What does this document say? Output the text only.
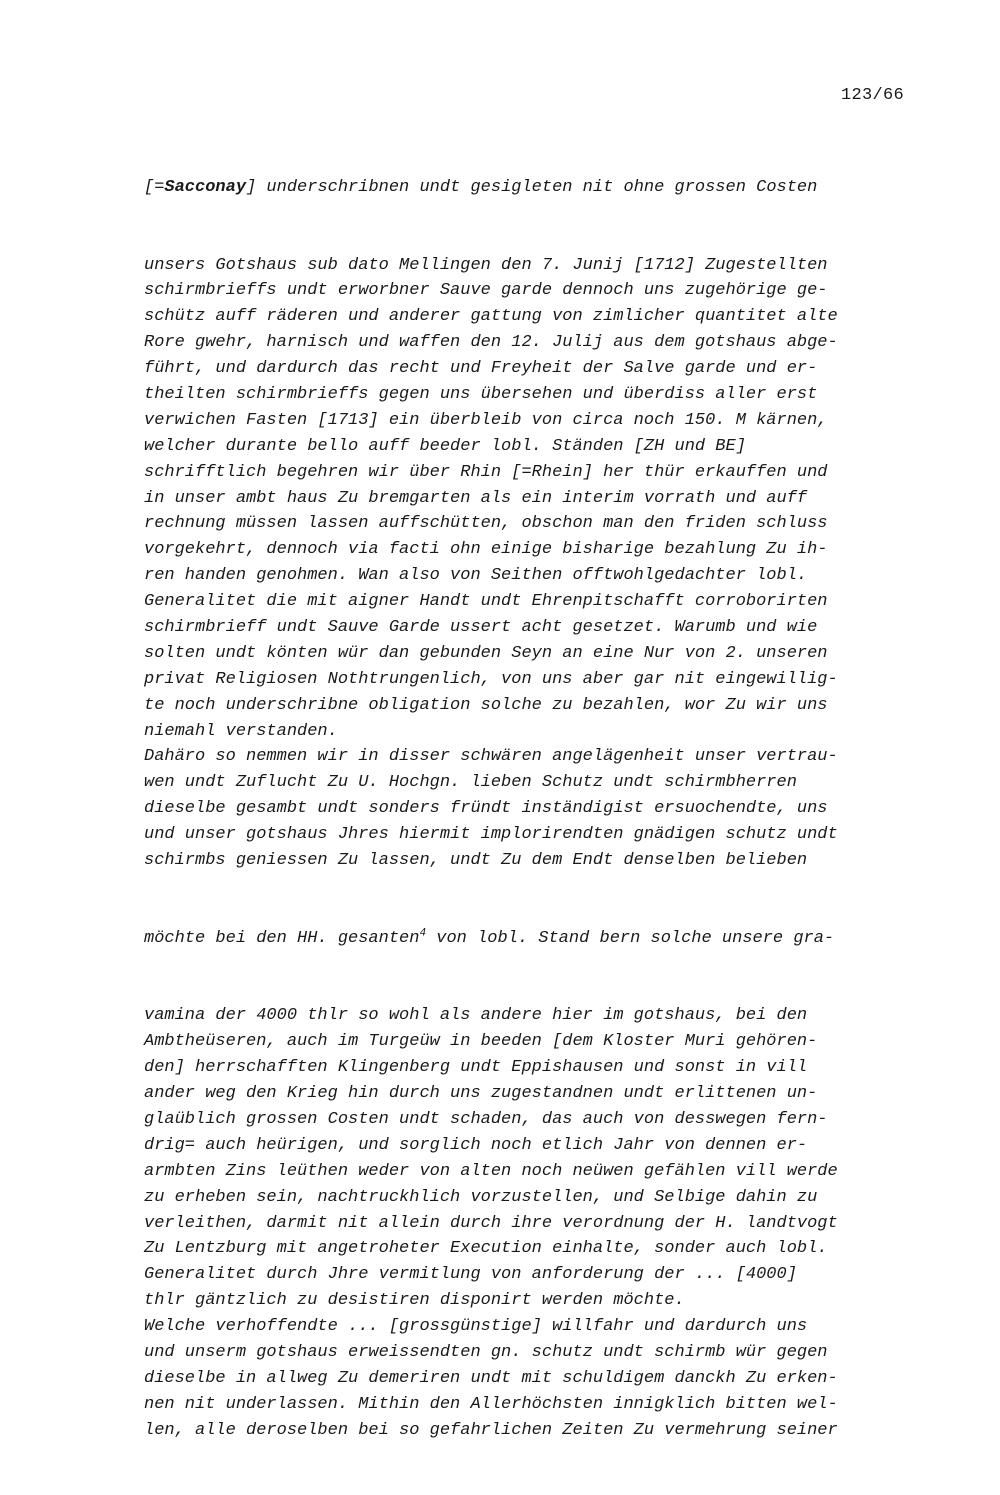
123/66

[=Sacconay] underschribnen undt gesigleten nit ohne grossen Costen

unsers Gotshaus sub dato Mellingen den 7. Junij [1712] Zugestellten
schirmbrieffs undt erworbner Sauve garde dennoch uns zugehörige ge-
schütz auff räderen und anderer gattung von zimlicher quantitet alte
Rore gwehr, harnisch und waffen den 12. Julij aus dem gotshaus abge-
führt, und dardurch das recht und Freyheit der Salve garde und er-
theilten schirmbrieffs gegen uns übersehen und überdiss aller erst
verwichen Fasten [1713] ein überbleib von circa noch 150. M kärnen,
welcher durante bello auff beeder lobl. Ständen [ZH und BE]
schrifftlich begehren wir über Rhin [=Rhein] her thür erkauffen und
in unser ambt haus Zu bremgarten als ein interim vorrath und auff
rechnung müssen lassen auffschütten, obschon man den friden schluss
vorgekehrt, dennoch via facti ohn einige bisharige bezahlung Zu ih-
ren handen genohmen. Wan also von Seithen offtwohlgedachter lobl.
Generalitet die mit aigner Handt undt Ehrenpitschafft corroborirten
schirmbrieff undt Sauve Garde ussert acht gesetzet. Warumb und wie
solten undt könten wür dan gebunden Seyn an eine Nur von 2. unseren
privat Religiosen Nothtrungenlich, von uns aber gar nit eingewillig-
te noch underschribne obligation solche zu bezahlen, wor Zu wir uns
niemahl verstanden.
Dahäro so nemmen wir in disser schwären angelägenheit unser vertrau-
wen undt Zuflucht Zu U. Hochgn. lieben Schutz undt schirmbherren
dieselbe gesambt undt sonders fründt inständigist ersuochendte, uns
und unser gotshaus Jhres hiermit implorirendten gnädigen schutz undt
schirmbs geniessen Zu lassen, undt Zu dem Endt denselben belieben

möchte bei den HH. gesanten$^4$ von lobl. Stand bern solche unsere gra-

vamina der 4000 thlr so wohl als andere hier im gotshaus, bei den
Ambtheüseren, auch im Turgeüw in beeden [dem Kloster Muri gehören-
den] herrschafften Klingenberg undt Eppishausen und sonst in vill
ander weg den Krieg hin durch uns zugestandnen undt erlittenen un-
glaüblich grossen Costen undt schaden, das auch von desswegen fern-
drig= auch heürigen, und sorglich noch etlich Jahr von dennen er-
armbten Zins leüthen weder von alten noch neüwen gefählen vill werde
zu erheben sein, nachtruckhlich vorzustellen, und Selbige dahin zu
verleithen, darmit nit allein durch ihre verordnung der H. landtvogt
Zu Lentzburg mit angetroheter Execution einhalte, sonder auch lobl.
Generalitet durch Jhre vermitlung von anforderung der ... [4000]
thlr gäntzlich zu desistiren disponirt werden möchte.
Welche verhoffendte ... [grossgünstige] willfahr und dardurch uns
und unserm gotshaus erweissendten gn. schutz undt schirmb wür gegen
dieselbe in allweg Zu demeriren undt mit schuldigem danckh Zu erken-
nen nit underlassen. Mithin den Allerhöchsten innigklich bitten wel-
len, alle deroselben bei so gefahrlichen Zeiten Zu vermehrung seiner
